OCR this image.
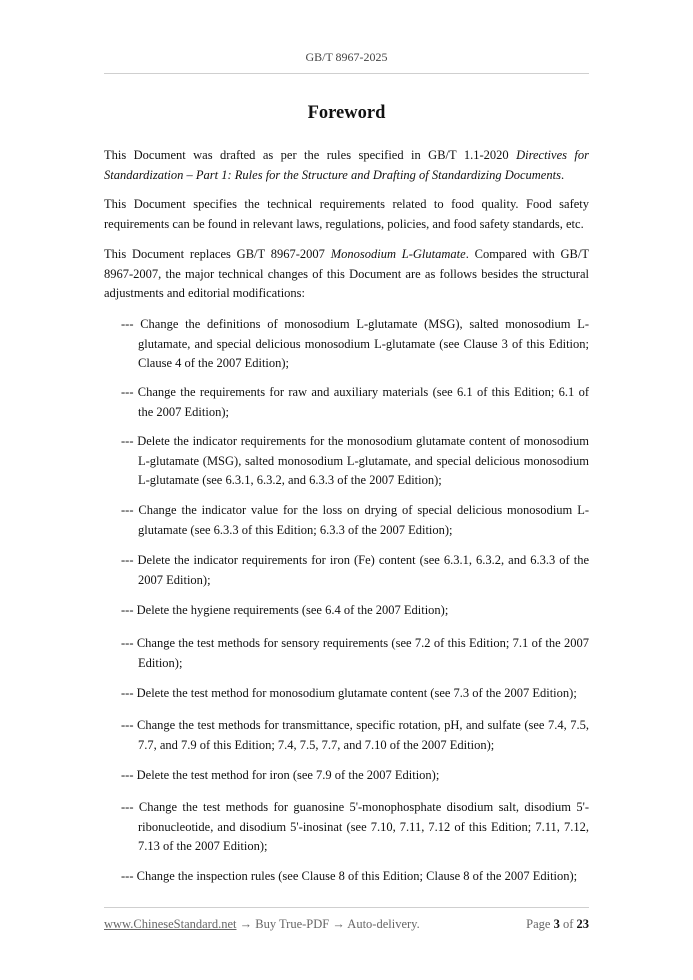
GB/T 8967-2025
Foreword

This Document was drafted as per the rules specified in GB/T 1.1-2020 Directives for Standardization – Part 1: Rules for the Structure and Drafting of Standardizing Documents.

This Document specifies the technical requirements related to food quality. Food safety requirements can be found in relevant laws, regulations, policies, and food safety standards, etc.

This Document replaces GB/T 8967-2007 Monosodium L-Glutamate. Compared with GB/T 8967-2007, the major technical changes of this Document are as follows besides the structural adjustments and editorial modifications:

--- Change the definitions of monosodium L-glutamate (MSG), salted monosodium L-glutamate, and special delicious monosodium L-glutamate (see Clause 3 of this Edition; Clause 4 of the 2007 Edition);

--- Change the requirements for raw and auxiliary materials (see 6.1 of this Edition; 6.1 of the 2007 Edition);

--- Delete the indicator requirements for the monosodium glutamate content of monosodium L-glutamate (MSG), salted monosodium L-glutamate, and special delicious monosodium L-glutamate (see 6.3.1, 6.3.2, and 6.3.3 of the 2007 Edition);

--- Change the indicator value for the loss on drying of special delicious monosodium L-glutamate (see 6.3.3 of this Edition; 6.3.3 of the 2007 Edition);

--- Delete the indicator requirements for iron (Fe) content (see 6.3.1, 6.3.2, and 6.3.3 of the 2007 Edition);

--- Delete the hygiene requirements (see 6.4 of the 2007 Edition);

--- Change the test methods for sensory requirements (see 7.2 of this Edition; 7.1 of the 2007 Edition);

--- Delete the test method for monosodium glutamate content (see 7.3 of the 2007 Edition);

--- Change the test methods for transmittance, specific rotation, pH, and sulfate (see 7.4, 7.5, 7.7, and 7.9 of this Edition; 7.4, 7.5, 7.7, and 7.10 of the 2007 Edition);

--- Delete the test method for iron (see 7.9 of the 2007 Edition);

--- Change the test methods for guanosine 5'-monophosphate disodium salt, disodium 5'-ribonucleotide, and disodium 5'-inosinat (see 7.10, 7.11, 7.12 of this Edition; 7.11, 7.12, 7.13 of the 2007 Edition);

--- Change the inspection rules (see Clause 8 of this Edition; Clause 8 of the 2007 Edition);

www.ChineseStandard.net → Buy True-PDF → Auto-delivery.	Page 3 of 23
